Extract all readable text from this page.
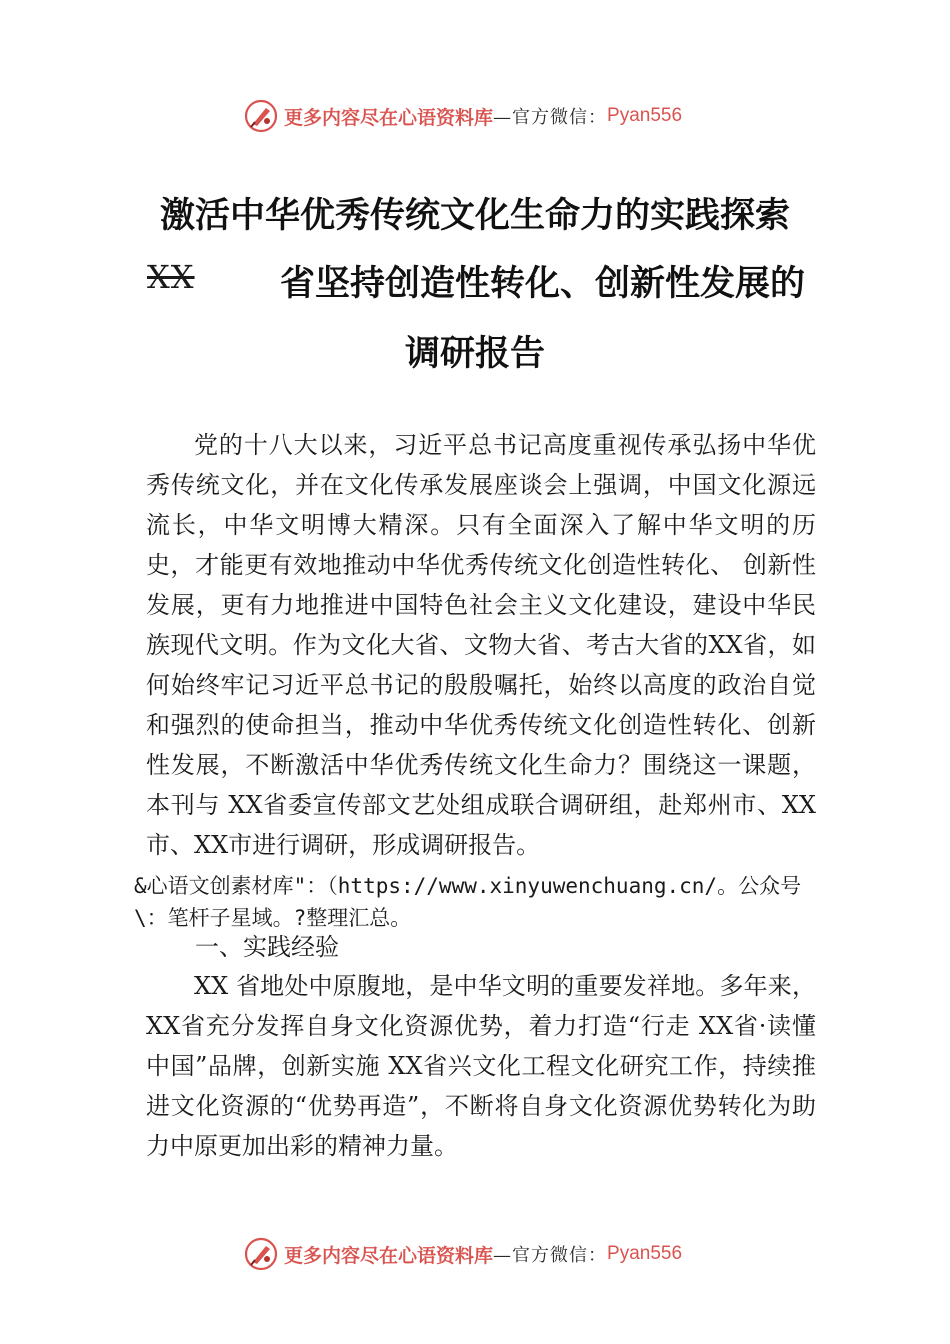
更多内容尽在心语资料库 —官方微信： Pyan556
激活中华优秀传统文化生命力的实践探索
XX 省坚持创造性转化、创新性发展的
调研报告
党的十八大以来，习近平总书记高度重视传承弘扬中华优秀传统文化，并在文化传承发展座谈会上强调，中国文化源远流长，中华文明博大精深。只有全面深入了解中华文明的历史，才能更有效地推动中华优秀传统文化创造性转化、 创新性发展，更有力地推进中国特色社会主义文化建设，建设中华民族现代文明。作为文化大省、文物大省、考古大省的XX省，如何始终牢记习近平总书记的殷殷嘱托，始终以高度的政治自觉和强烈的使命担当，推动中华优秀传统文化创造性转化、创新性发展，不断激活中华优秀传统文化生命力？围绕这一课题，本刊与 XX省委宣传部文艺处组成联合调研组，赴郑州市、XX市、XX市进行调研，形成调研报告。
&心语文创素材库"：（https://www.xinyuwenchuang.cn/。公众号\：笔杆子星域。?整理汇总。
一、实践经验
XX 省地处中原腹地，是中华文明的重要发祥地。多年来，XX省充分发挥自身文化资源优势，着力打造“行走 XX省·读懂中国”品牌，创新实施 XX省兴文化工程文化研究工作，持续推进文化资源的“优势再造”，不断将自身文化资源优势转化为助力中原更加出彩的精神力量。
更多内容尽在心语资料库 —官方微信： Pyan556
